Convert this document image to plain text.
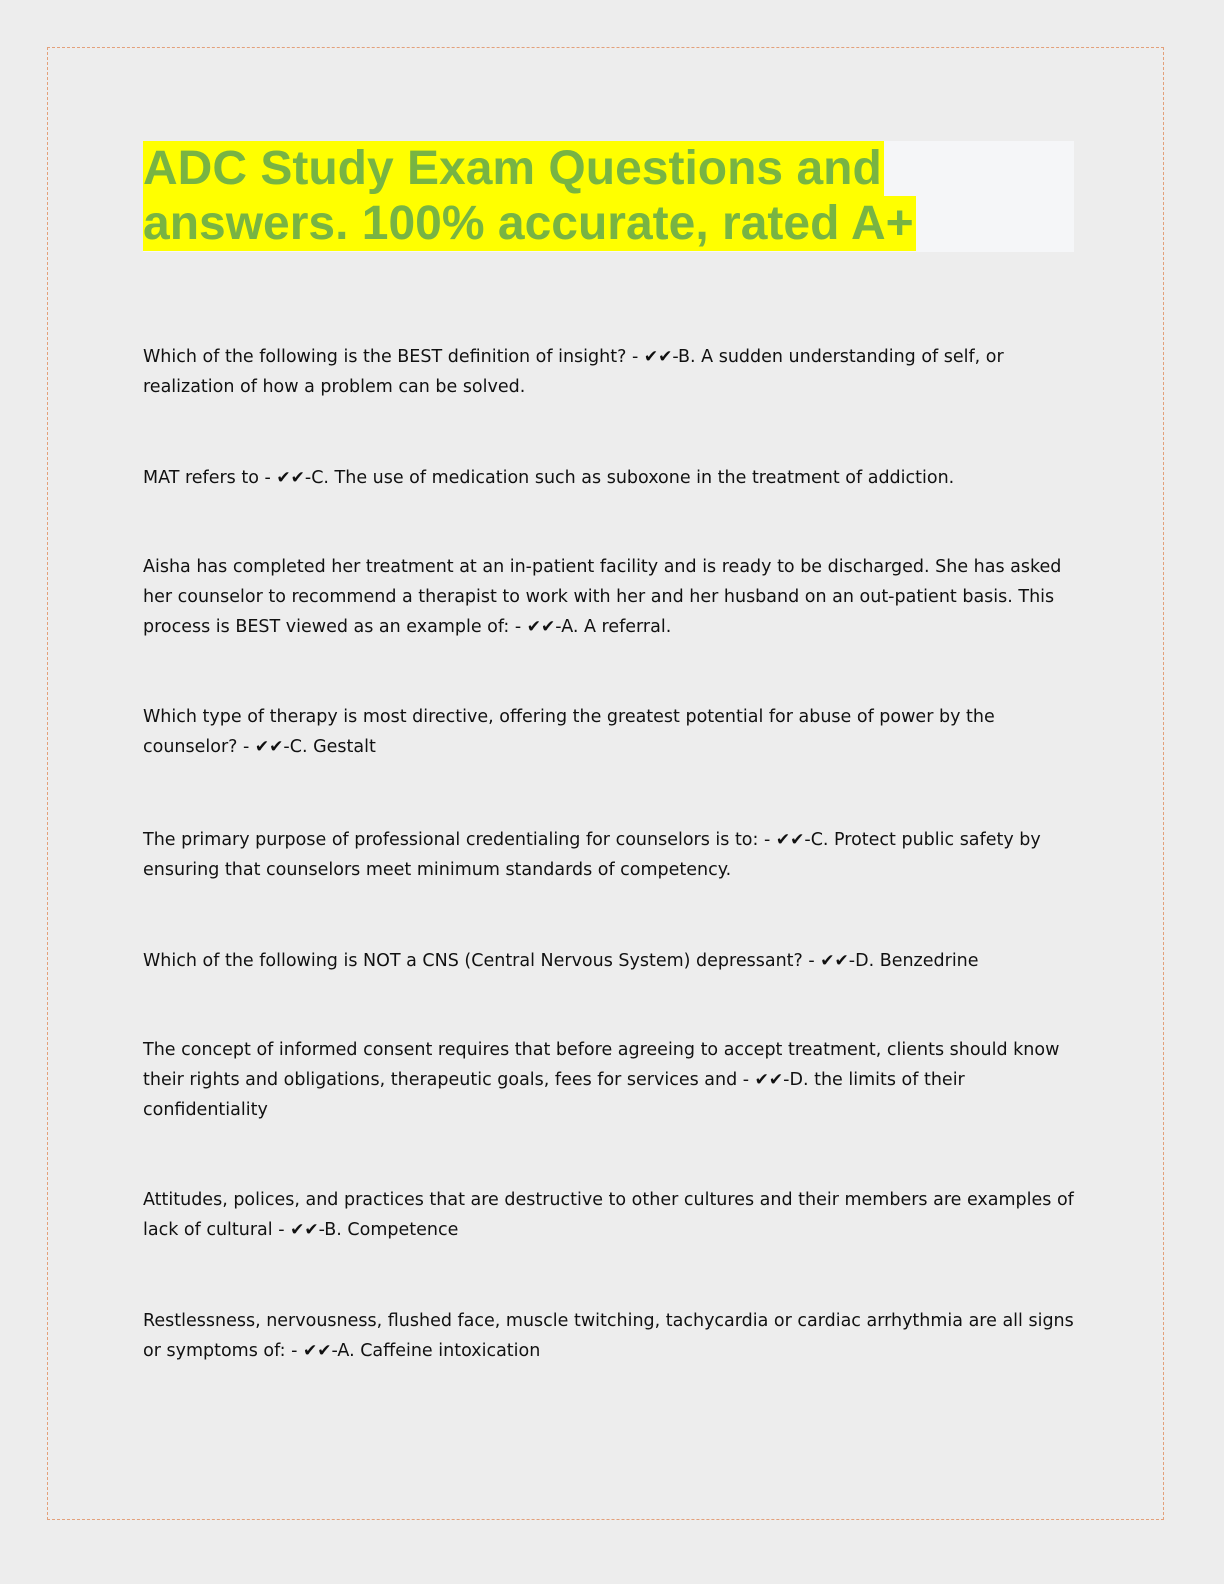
ADC Study Exam Questions and
answers. 100% accurate, rated A+

Which of the following is the BEST definition of insight? - ✔✔-B. A sudden understanding of self, or realization of how a problem can be solved.

MAT refers to - ✔✔-C. The use of medication such as suboxone in the treatment of addiction.

Aisha has completed her treatment at an in-patient facility and is ready to be discharged. She has asked her counselor to recommend a therapist to work with her and her husband on an out-patient basis. This process is BEST viewed as an example of: - ✔✔-A. A referral.

Which type of therapy is most directive, offering the greatest potential for abuse of power by the counselor? - ✔✔-C. Gestalt

The primary purpose of professional credentialing for counselors is to: - ✔✔-C. Protect public safety by ensuring that counselors meet minimum standards of competency.

Which of the following is NOT a CNS (Central Nervous System) depressant? - ✔✔-D. Benzedrine

The concept of informed consent requires that before agreeing to accept treatment, clients should know their rights and obligations, therapeutic goals, fees for services and - ✔✔-D. the limits of their confidentiality

Attitudes, polices, and practices that are destructive to other cultures and their members are examples of lack of cultural - ✔✔-B. Competence

Restlessness, nervousness, flushed face, muscle twitching, tachycardia or cardiac arrhythmia are all signs or symptoms of: - ✔✔-A. Caffeine intoxication
